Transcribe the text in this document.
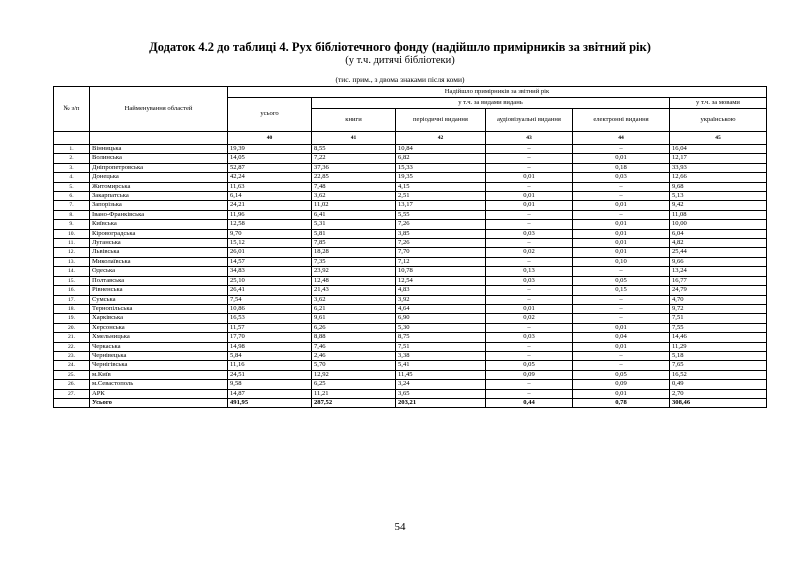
Додаток 4.2 до таблиці 4. Рух бібліотечного фонду (надійшло примірників за звітний рік)
(у т.ч. дитячі бібліотеки)
(тис. прим., з двома знаками після коми)
№ з/п	Найменування областей	Надійшло примірників за звітний рік					
		усього	у т.ч. за видами видань				у т.ч. за мовами
			книги	періодичні видання	аудіовізуальні видання	електронні видання	українською
		40	41	42	43	44	45
1.	Вінницька	19,39	8,55	10,84	–	–	16,04
2.	Волинська	14,05	7,22	6,82	–	0,01	12,17
3.	Дніпропетровська	52,87	37,36	15,33	–	0,18	33,93
4.	Донецька	42,24	22,85	19,35	0,01	0,03	12,66
5.	Житомирська	11,63	7,48	4,15	–	–	9,68
6.	Закарпатська	6,14	3,62	2,51	0,01	–	5,13
7.	Запорізька	24,21	11,02	13,17	0,01	0,01	9,42
8.	Івано-Франківська	11,96	6,41	5,55	–	–	11,08
9.	Київська	12,58	5,31	7,26	–	0,01	10,00
10.	Кіровоградська	9,70	5,81	3,85	0,03	0,01	6,04
11.	Луганська	15,12	7,85	7,26	–	0,01	4,82
12.	Львівська	26,01	18,28	7,70	0,02	0,01	25,44
13.	Миколаївська	14,57	7,35	7,12	–	0,10	9,66
14.	Одеська	34,83	23,92	10,78	0,13	–	13,24
15.	Полтавська	25,10	12,48	12,54	0,03	0,05	16,77
16.	Рівненська	26,41	21,43	4,83	–	0,15	24,79
17.	Сумська	7,54	3,62	3,92	–	–	4,70
18.	Тернопільська	10,86	6,21	4,64	0,01	–	9,72
19.	Харківська	16,53	9,61	6,90	0,02	–	7,51
20.	Херсонська	11,57	6,26	5,30	–	0,01	7,55
21.	Хмельницька	17,70	8,88	8,75	0,03	0,04	14,46
22.	Черкаська	14,98	7,46	7,51	–	0,01	11,29
23.	Чернівецька	5,84	2,46	3,38	–	–	5,18
24.	Чернігівська	11,16	5,70	5,41	0,05	–	7,65
25.	м.Київ	24,51	12,92	11,45	0,09	0,05	16,52
26.	м.Севастополь	9,58	6,25	3,24	–	0,09	0,49
27.	АРК	14,87	11,21	3,65	–	0,01	2,70
	Усього	491,95	287,52	203,21	0,44	0,78	308,46
54
